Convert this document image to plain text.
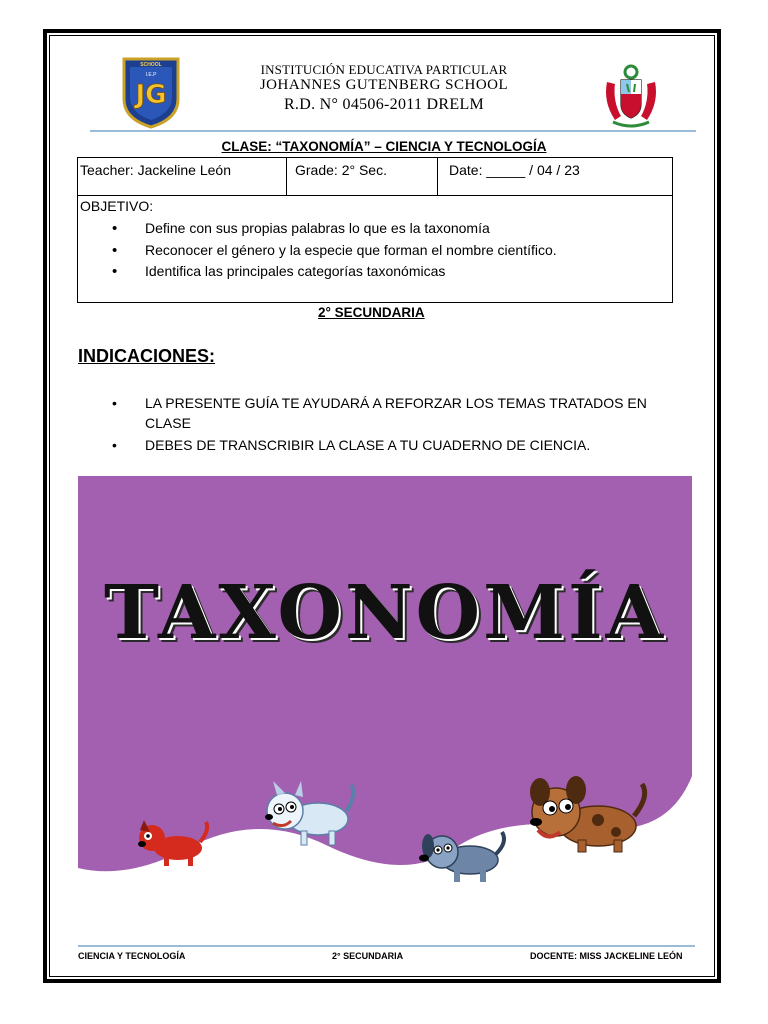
SCHOOL
I.E.P
JG
INSTITUCIÓN EDUCATIVA PARTICULAR
JOHANNES GUTENBERG SCHOOL
R.D. N° 04506-2011 DRELM
CLASE: “TAXONOMÍA” – CIENCIA Y TECNOLOGÍA
Teacher: Jackeline León	Grade: 2° Sec.	Date: _____ / 04 / 23
OBJETIVO:
• Define con sus propias palabras lo que es la taxonomía
• Reconocer el género y la especie que forman el nombre científico.
• Identifica las principales categorías taxonómicas
2° SECUNDARIA
INDICACIONES:
• LA PRESENTE GUÍA TE AYUDARÁ A REFORZAR LOS TEMAS TRATADOS EN CLASE
• DEBES DE TRANSCRIBIR LA CLASE A TU CUADERNO DE CIENCIA.
TAXONOMÍA
CIENCIA Y TECNOLOGÍA	2° SECUNDARIA	DOCENTE: MISS JACKELINE LEÓN
